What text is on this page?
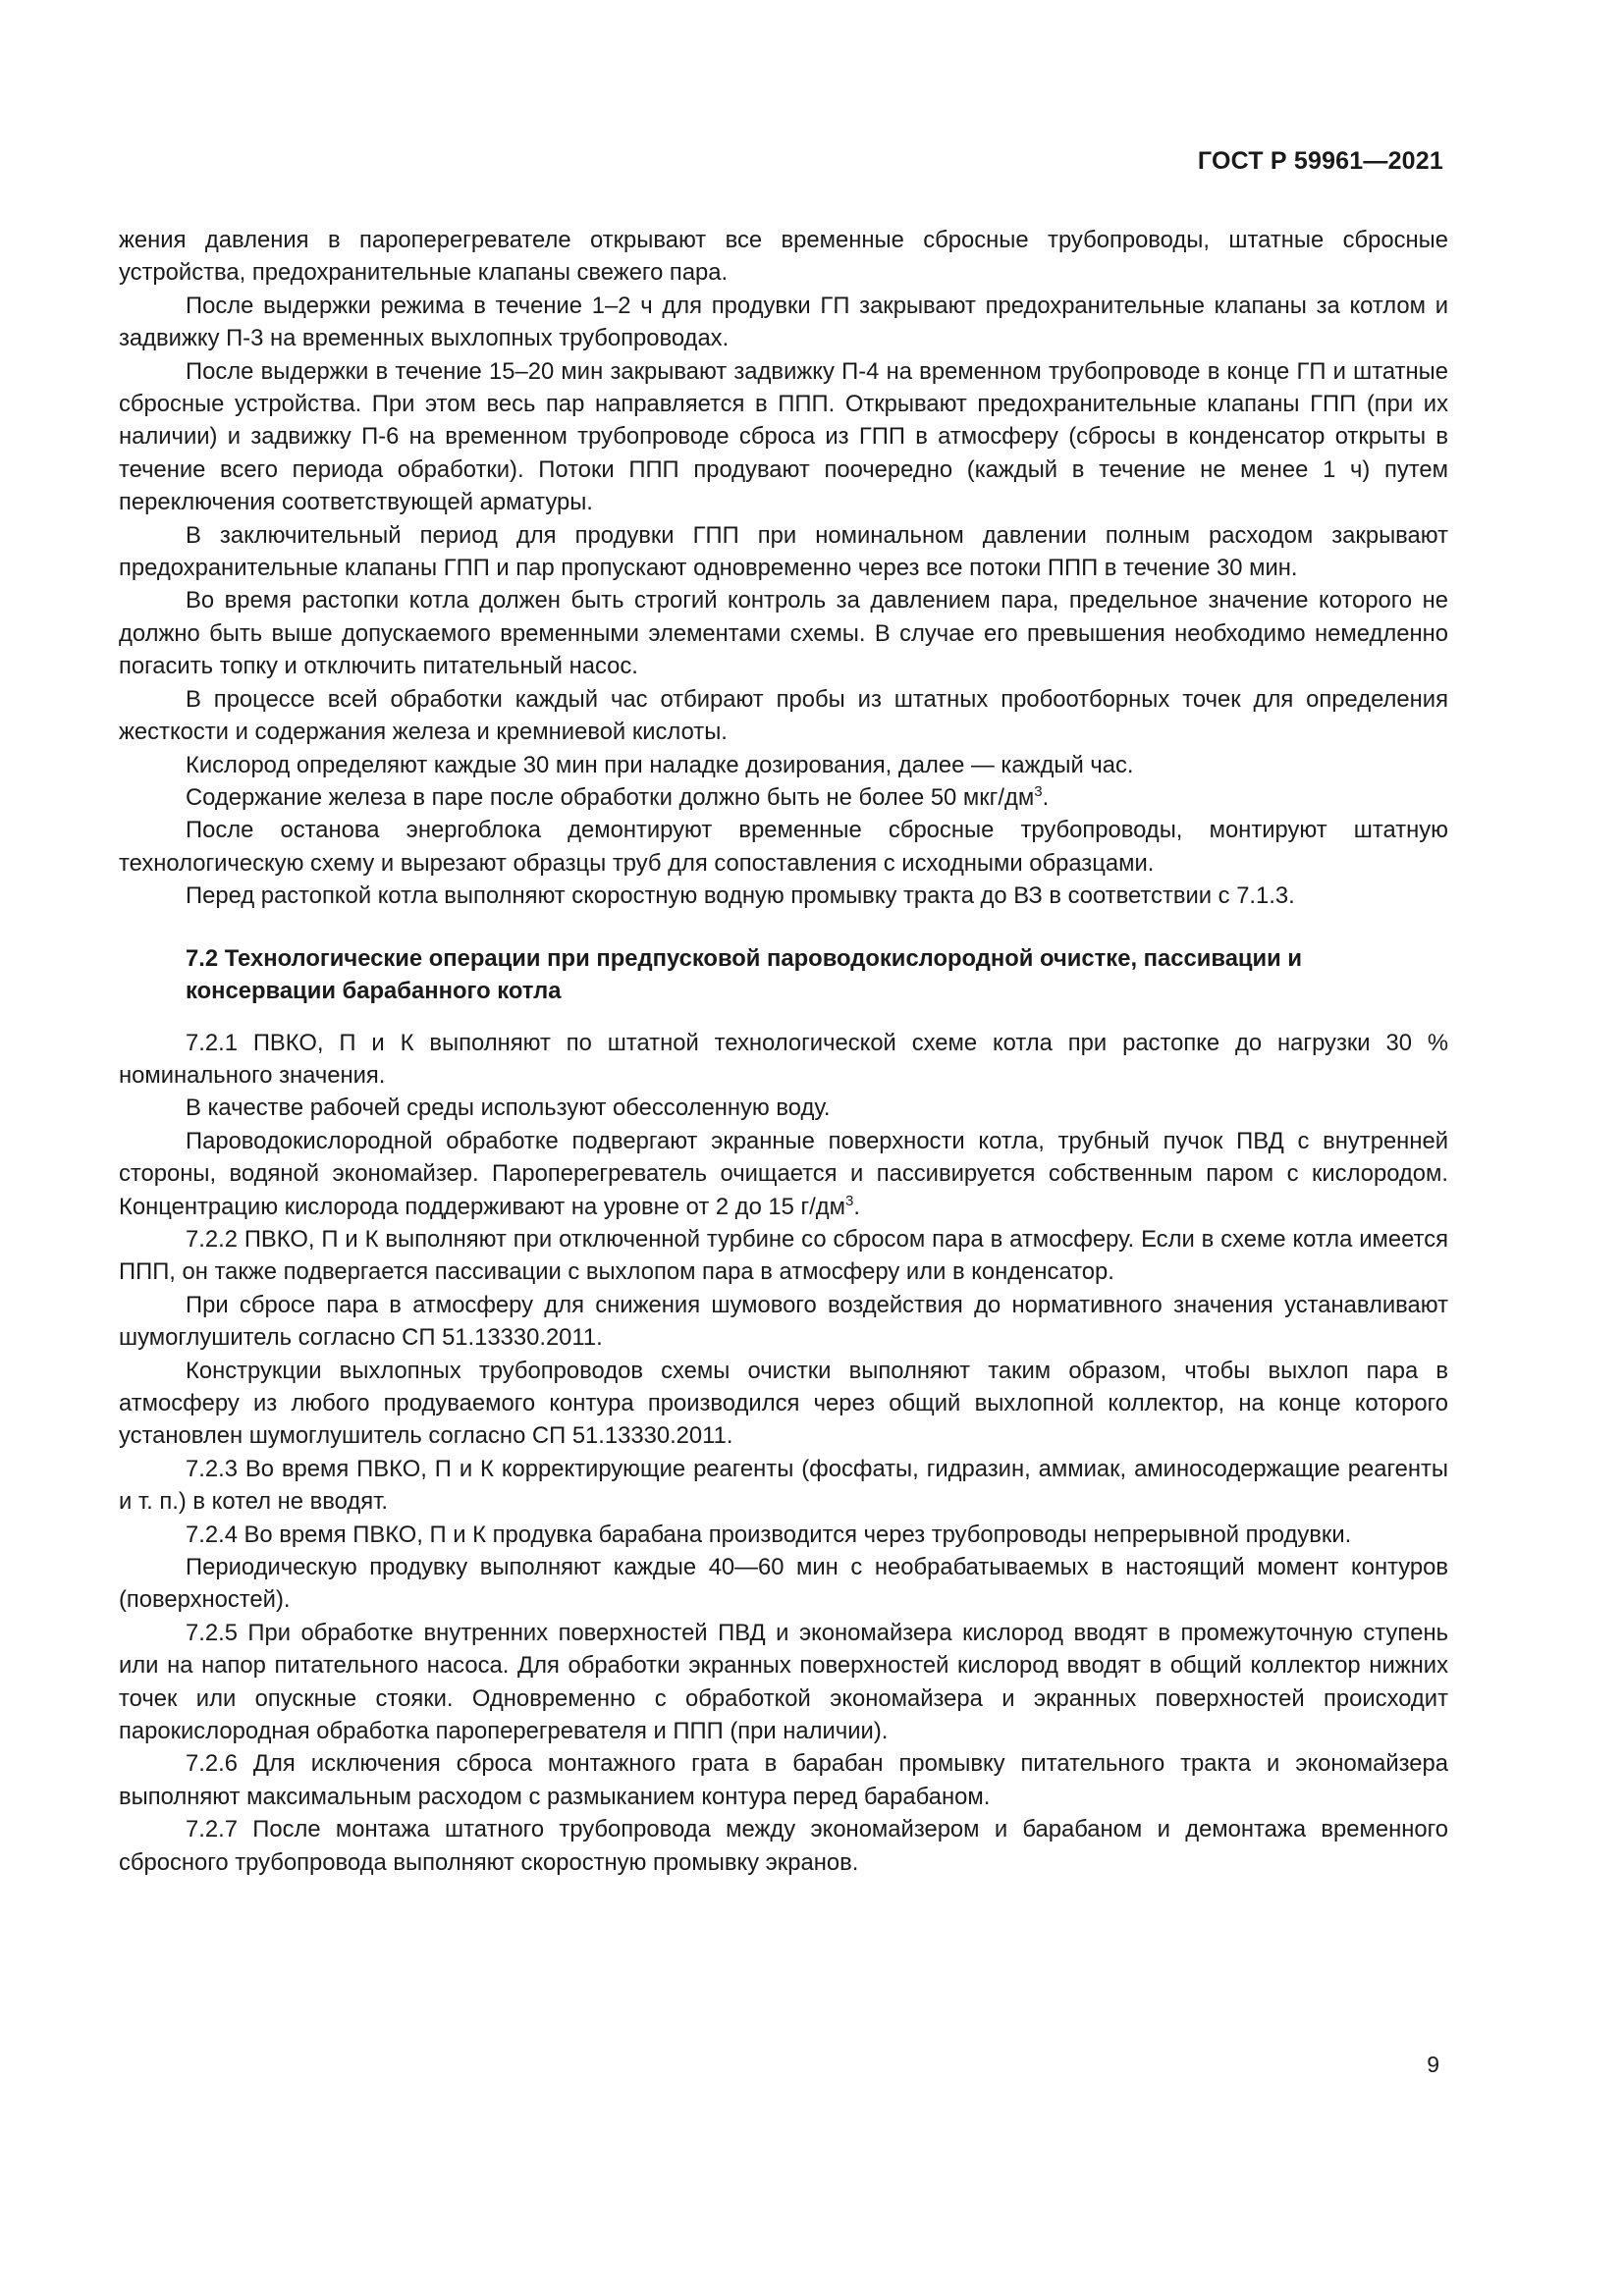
ГОСТ Р 59961—2021

жения давления в пароперегревателе открывают все временные сбросные трубопроводы, штатные сбросные устройства, предохранительные клапаны свежего пара.

После выдержки режима в течение 1–2 ч для продувки ГП закрывают предохранительные клапаны за котлом и задвижку П-3 на временных выхлопных трубопроводах.

После выдержки в течение 15–20 мин закрывают задвижку П-4 на временном трубопроводе в конце ГП и штатные сбросные устройства. При этом весь пар направляется в ППП. Открывают предохранительные клапаны ГПП (при их наличии) и задвижку П-6 на временном трубопроводе сброса из ГПП в атмосферу (сбросы в конденсатор открыты в течение всего периода обработки). Потоки ППП продувают поочередно (каждый в течение не менее 1 ч) путем переключения соответствующей арматуры.

В заключительный период для продувки ГПП при номинальном давлении полным расходом закрывают предохранительные клапаны ГПП и пар пропускают одновременно через все потоки ППП в течение 30 мин.

Во время растопки котла должен быть строгий контроль за давлением пара, предельное значение которого не должно быть выше допускаемого временными элементами схемы. В случае его превышения необходимо немедленно погасить топку и отключить питательный насос.

В процессе всей обработки каждый час отбирают пробы из штатных пробоотборных точек для определения жесткости и содержания железа и кремниевой кислоты.

Кислород определяют каждые 30 мин при наладке дозирования, далее — каждый час.

Содержание железа в паре после обработки должно быть не более 50 мкг/$дм^3$.

После останова энергоблока демонтируют временные сбросные трубопроводы, монтируют штатную технологическую схему и вырезают образцы труб для сопоставления с исходными образцами.

Перед растопкой котла выполняют скоростную водную промывку тракта до ВЗ в соответствии с 7.1.3.

7.2 Технологические операции при предпусковой пароводокислородной очистке, пассивации и консервации барабанного котла

7.2.1 ПВКО, П и К выполняют по штатной технологической схеме котла при растопке до нагрузки 30 % номинального значения.

В качестве рабочей среды используют обессоленную воду.

Пароводокислородной обработке подвергают экранные поверхности котла, трубный пучок ПВД с внутренней стороны, водяной экономайзер. Пароперегреватель очищается и пассивируется собственным паром с кислородом. Концентрацию кислорода поддерживают на уровне от 2 до 15 $г/дм^3$.

7.2.2 ПВКО, П и К выполняют при отключенной турбине со сбросом пара в атмосферу. Если в схеме котла имеется ППП, он также подвергается пассивации с выхлопом пара в атмосферу или в конденсатор.

При сбросе пара в атмосферу для снижения шумового воздействия до нормативного значения устанавливают шумоглушитель согласно СП 51.13330.2011.

Конструкции выхлопных трубопроводов схемы очистки выполняют таким образом, чтобы выхлоп пара в атмосферу из любого продуваемого контура производился через общий выхлопной коллектор, на конце которого установлен шумоглушитель согласно СП 51.13330.2011.

7.2.3 Во время ПВКО, П и К корректирующие реагенты (фосфаты, гидразин, аммиак, аминосодержащие реагенты и т. п.) в котел не вводят.

7.2.4 Во время ПВКО, П и К продувка барабана производится через трубопроводы непрерывной продувки.

Периодическую продувку выполняют каждые 40—60 мин с необрабатываемых в настоящий момент контуров (поверхностей).

7.2.5 При обработке внутренних поверхностей ПВД и экономайзера кислород вводят в промежуточную ступень или на напор питательного насоса. Для обработки экранных поверхностей кислород вводят в общий коллектор нижних точек или опускные стояки. Одновременно с обработкой экономайзера и экранных поверхностей происходит парокислородная обработка пароперегревателя и ППП (при наличии).

7.2.6 Для исключения сброса монтажного грата в барабан промывку питательного тракта и экономайзера выполняют максимальным расходом с размыканием контура перед барабаном.

7.2.7 После монтажа штатного трубопровода между экономайзером и барабаном и демонтажа временного сбросного трубопровода выполняют скоростную промывку экранов.

9
